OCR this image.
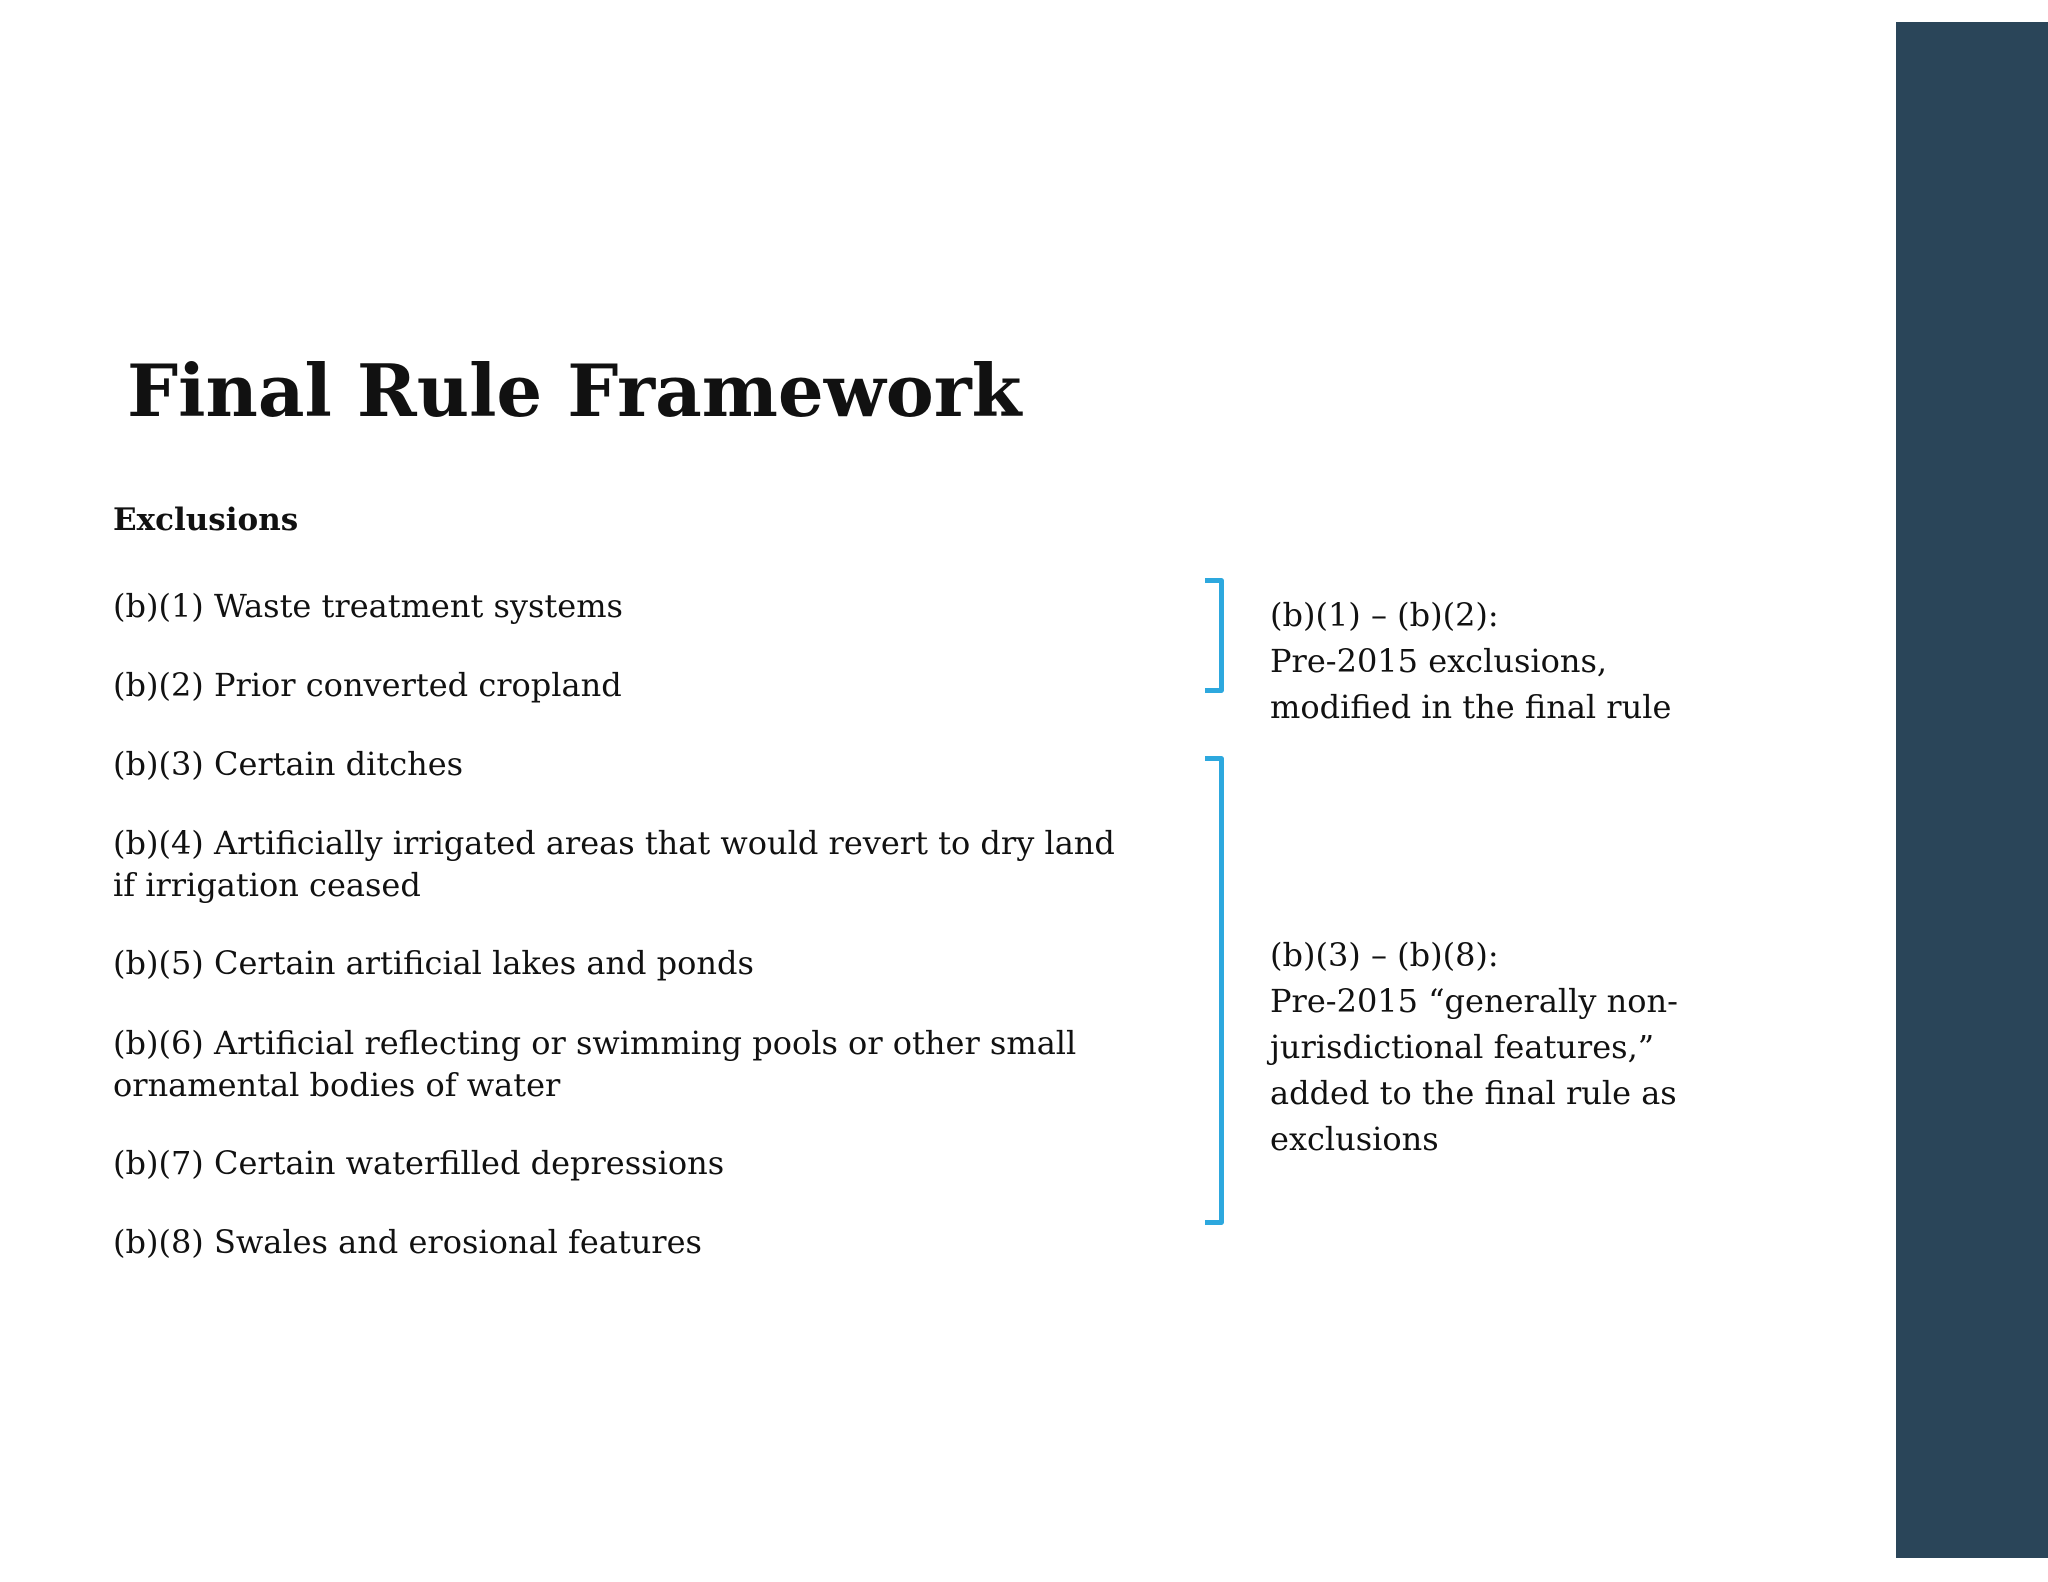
Final Rule Framework
Exclusions

(b)(1) Waste treatment systems

(b)(2) Prior converted cropland

(b)(3) Certain ditches

(b)(4) Artificially irrigated areas that would revert to dry land
if irrigation ceased

(b)(5) Certain artificial lakes and ponds

(b)(6) Artificial reflecting or swimming pools or other small
ornamental bodies of water

(b)(7) Certain waterfilled depressions

(b)(8) Swales and erosional features

(b)(1) – (b)(2):
Pre-2015 exclusions,
modified in the final rule

(b)(3) – (b)(8):
Pre-2015 “generally non-
jurisdictional features,”
added to the final rule as
exclusions
